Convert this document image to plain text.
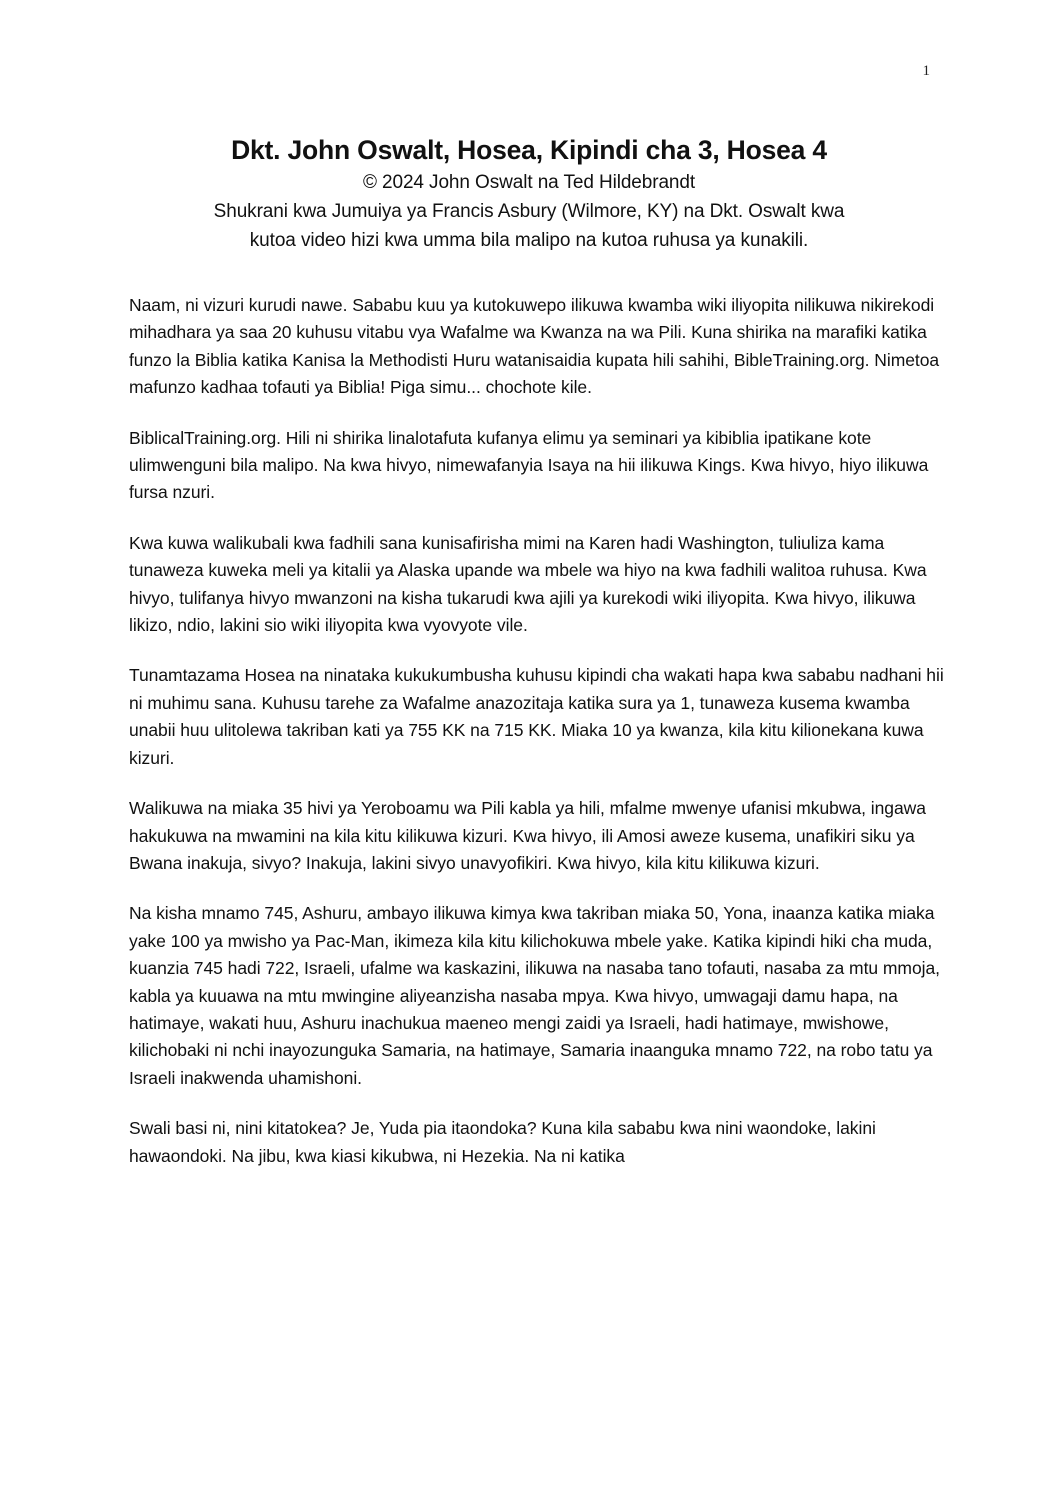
1
Dkt. John Oswalt, Hosea, Kipindi cha 3, Hosea 4

© 2024 John Oswalt na Ted Hildebrandt

Shukrani kwa Jumuiya ya Francis Asbury (Wilmore, KY) na Dkt. Oswalt kwa

kutoa video hizi kwa umma bila malipo na kutoa ruhusa ya kunakili.

Naam, ni vizuri kurudi nawe. Sababu kuu ya kutokuwepo ilikuwa kwamba wiki iliyopita nilikuwa nikirekodi mihadhara ya saa 20 kuhusu vitabu vya Wafalme wa Kwanza na wa Pili. Kuna shirika na marafiki katika funzo la Biblia katika Kanisa la Methodisti Huru watanisaidia kupata hili sahihi, BibleTraining.org. Nimetoa mafunzo kadhaa tofauti ya Biblia! Piga simu... chochote kile.

BiblicalTraining.org. Hili ni shirika linalotafuta kufanya elimu ya seminari ya kibiblia ipatikane kote ulimwenguni bila malipo. Na kwa hivyo, nimewafanyia Isaya na hii ilikuwa Kings. Kwa hivyo, hiyo ilikuwa fursa nzuri.

Kwa kuwa walikubali kwa fadhili sana kunisafirisha mimi na Karen hadi Washington, tuliuliza kama tunaweza kuweka meli ya kitalii ya Alaska upande wa mbele wa hiyo na kwa fadhili walitoa ruhusa. Kwa hivyo, tulifanya hivyo mwanzoni na kisha tukarudi kwa ajili ya kurekodi wiki iliyopita. Kwa hivyo, ilikuwa likizo, ndio, lakini sio wiki iliyopita kwa vyovyote vile.

Tunamtazama Hosea na ninataka kukukumbusha kuhusu kipindi cha wakati hapa kwa sababu nadhani hii ni muhimu sana. Kuhusu tarehe za Wafalme anazozitaja katika sura ya 1, tunaweza kusema kwamba unabii huu ulitolewa takriban kati ya 755 KK na 715 KK. Miaka 10 ya kwanza, kila kitu kilionekana kuwa kizuri.

Walikuwa na miaka 35 hivi ya Yeroboamu wa Pili kabla ya hili, mfalme mwenye ufanisi mkubwa, ingawa hakukuwa na mwamini na kila kitu kilikuwa kizuri. Kwa hivyo, ili Amosi aweze kusema, unafikiri siku ya Bwana inakuja, sivyo? Inakuja, lakini sivyo unavyofikiri. Kwa hivyo, kila kitu kilikuwa kizuri.

Na kisha mnamo 745, Ashuru, ambayo ilikuwa kimya kwa takriban miaka 50, Yona, inaanza katika miaka yake 100 ya mwisho ya Pac-Man, ikimeza kila kitu kilichokuwa mbele yake. Katika kipindi hiki cha muda, kuanzia 745 hadi 722, Israeli, ufalme wa kaskazini, ilikuwa na nasaba tano tofauti, nasaba za mtu mmoja, kabla ya kuuawa na mtu mwingine aliyeanzisha nasaba mpya. Kwa hivyo, umwagaji damu hapa, na hatimaye, wakati huu, Ashuru inachukua maeneo mengi zaidi ya Israeli, hadi hatimaye, mwishowe, kilichobaki ni nchi inayozunguka Samaria, na hatimaye, Samaria inaanguka mnamo 722, na robo tatu ya Israeli inakwenda uhamishoni.

Swali basi ni, nini kitatokea? Je, Yuda pia itaondoka? Kuna kila sababu kwa nini waondoke, lakini hawaondoki. Na jibu, kwa kiasi kikubwa, ni Hezekia. Na ni katika
